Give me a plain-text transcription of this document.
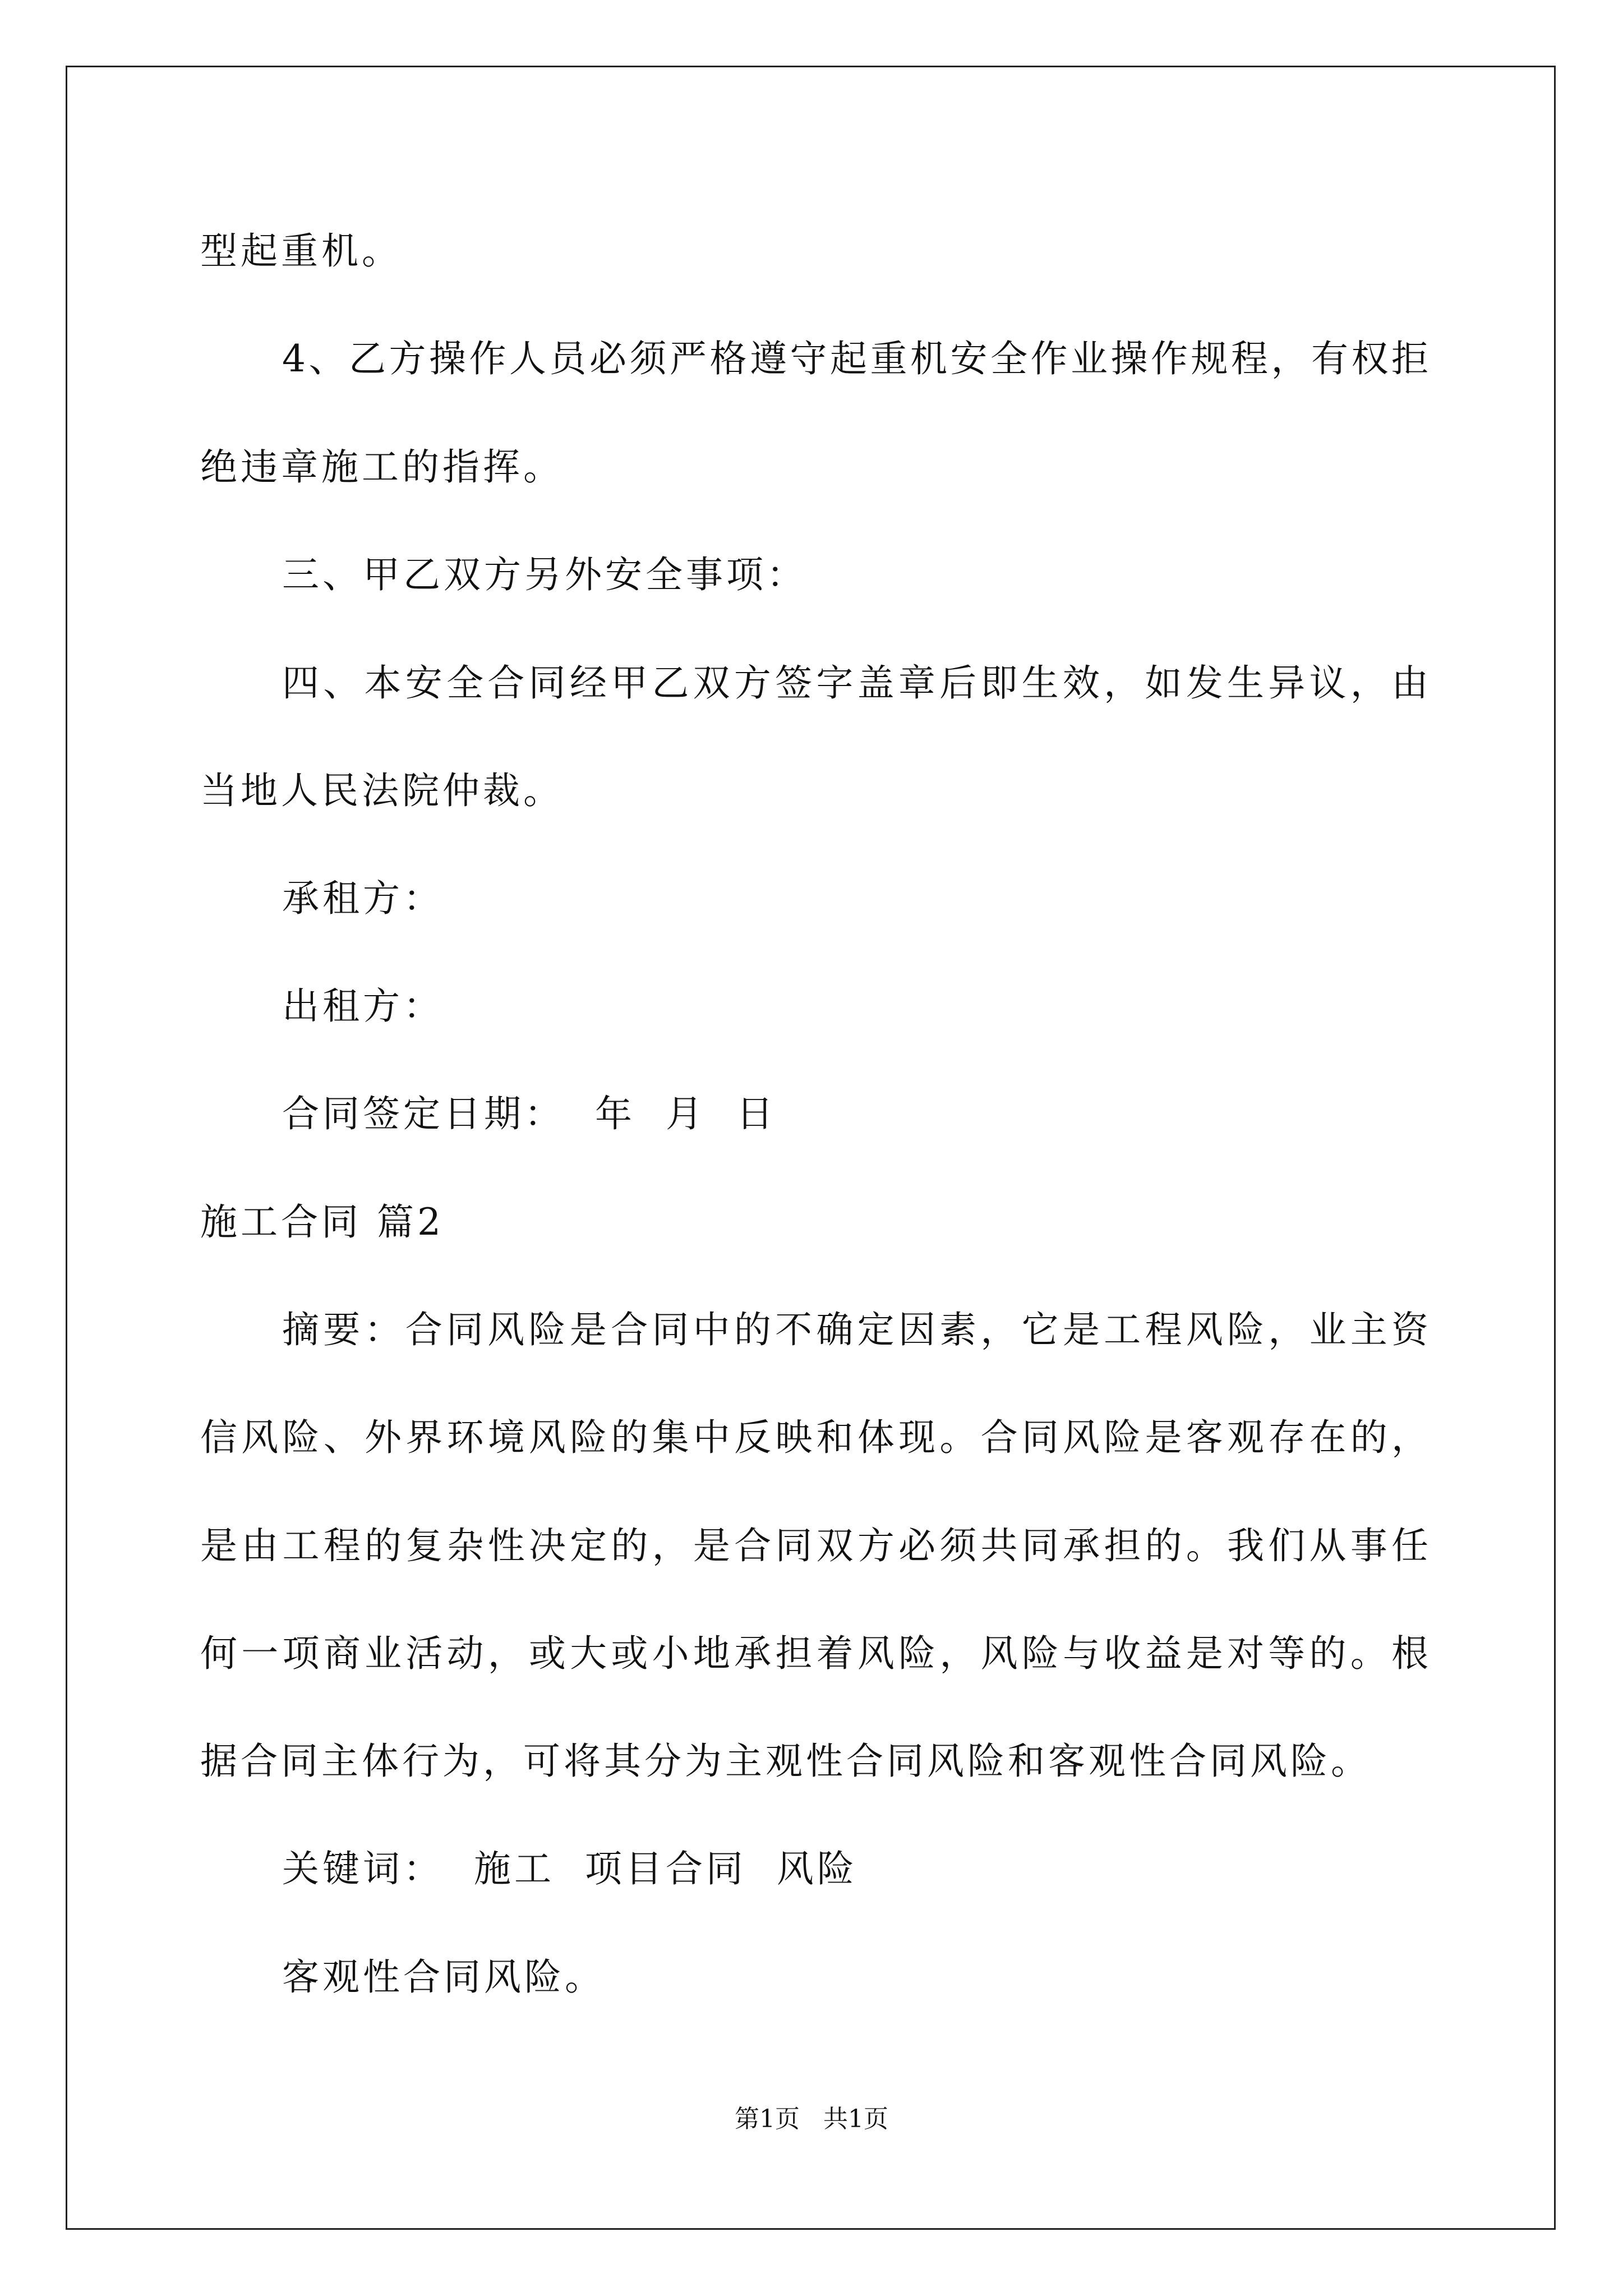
型起重机。
4、乙方操作人员必须严格遵守起重机安全作业操作规程，有权拒
绝违章施工的指挥。
三、甲乙双方另外安全事项：
四、本安全合同经甲乙双方签字盖章后即生效，如发生异议，由
当地人民法院仲裁。
承租方：
出租方：
合同签定日期：  年  月  日
施工合同 篇2
摘要：合同风险是合同中的不确定因素，它是工程风险，业主资
信风险、外界环境风险的集中反映和体现。合同风险是客观存在的，
是由工程的复杂性决定的，是合同双方必须共同承担的。我们从事任
何一项商业活动，或大或小地承担着风险，风险与收益是对等的。根
据合同主体行为，可将其分为主观性合同风险和客观性合同风险。
关键词：  施工  项目合同  风险
客观性合同风险。
第1页   共1页
